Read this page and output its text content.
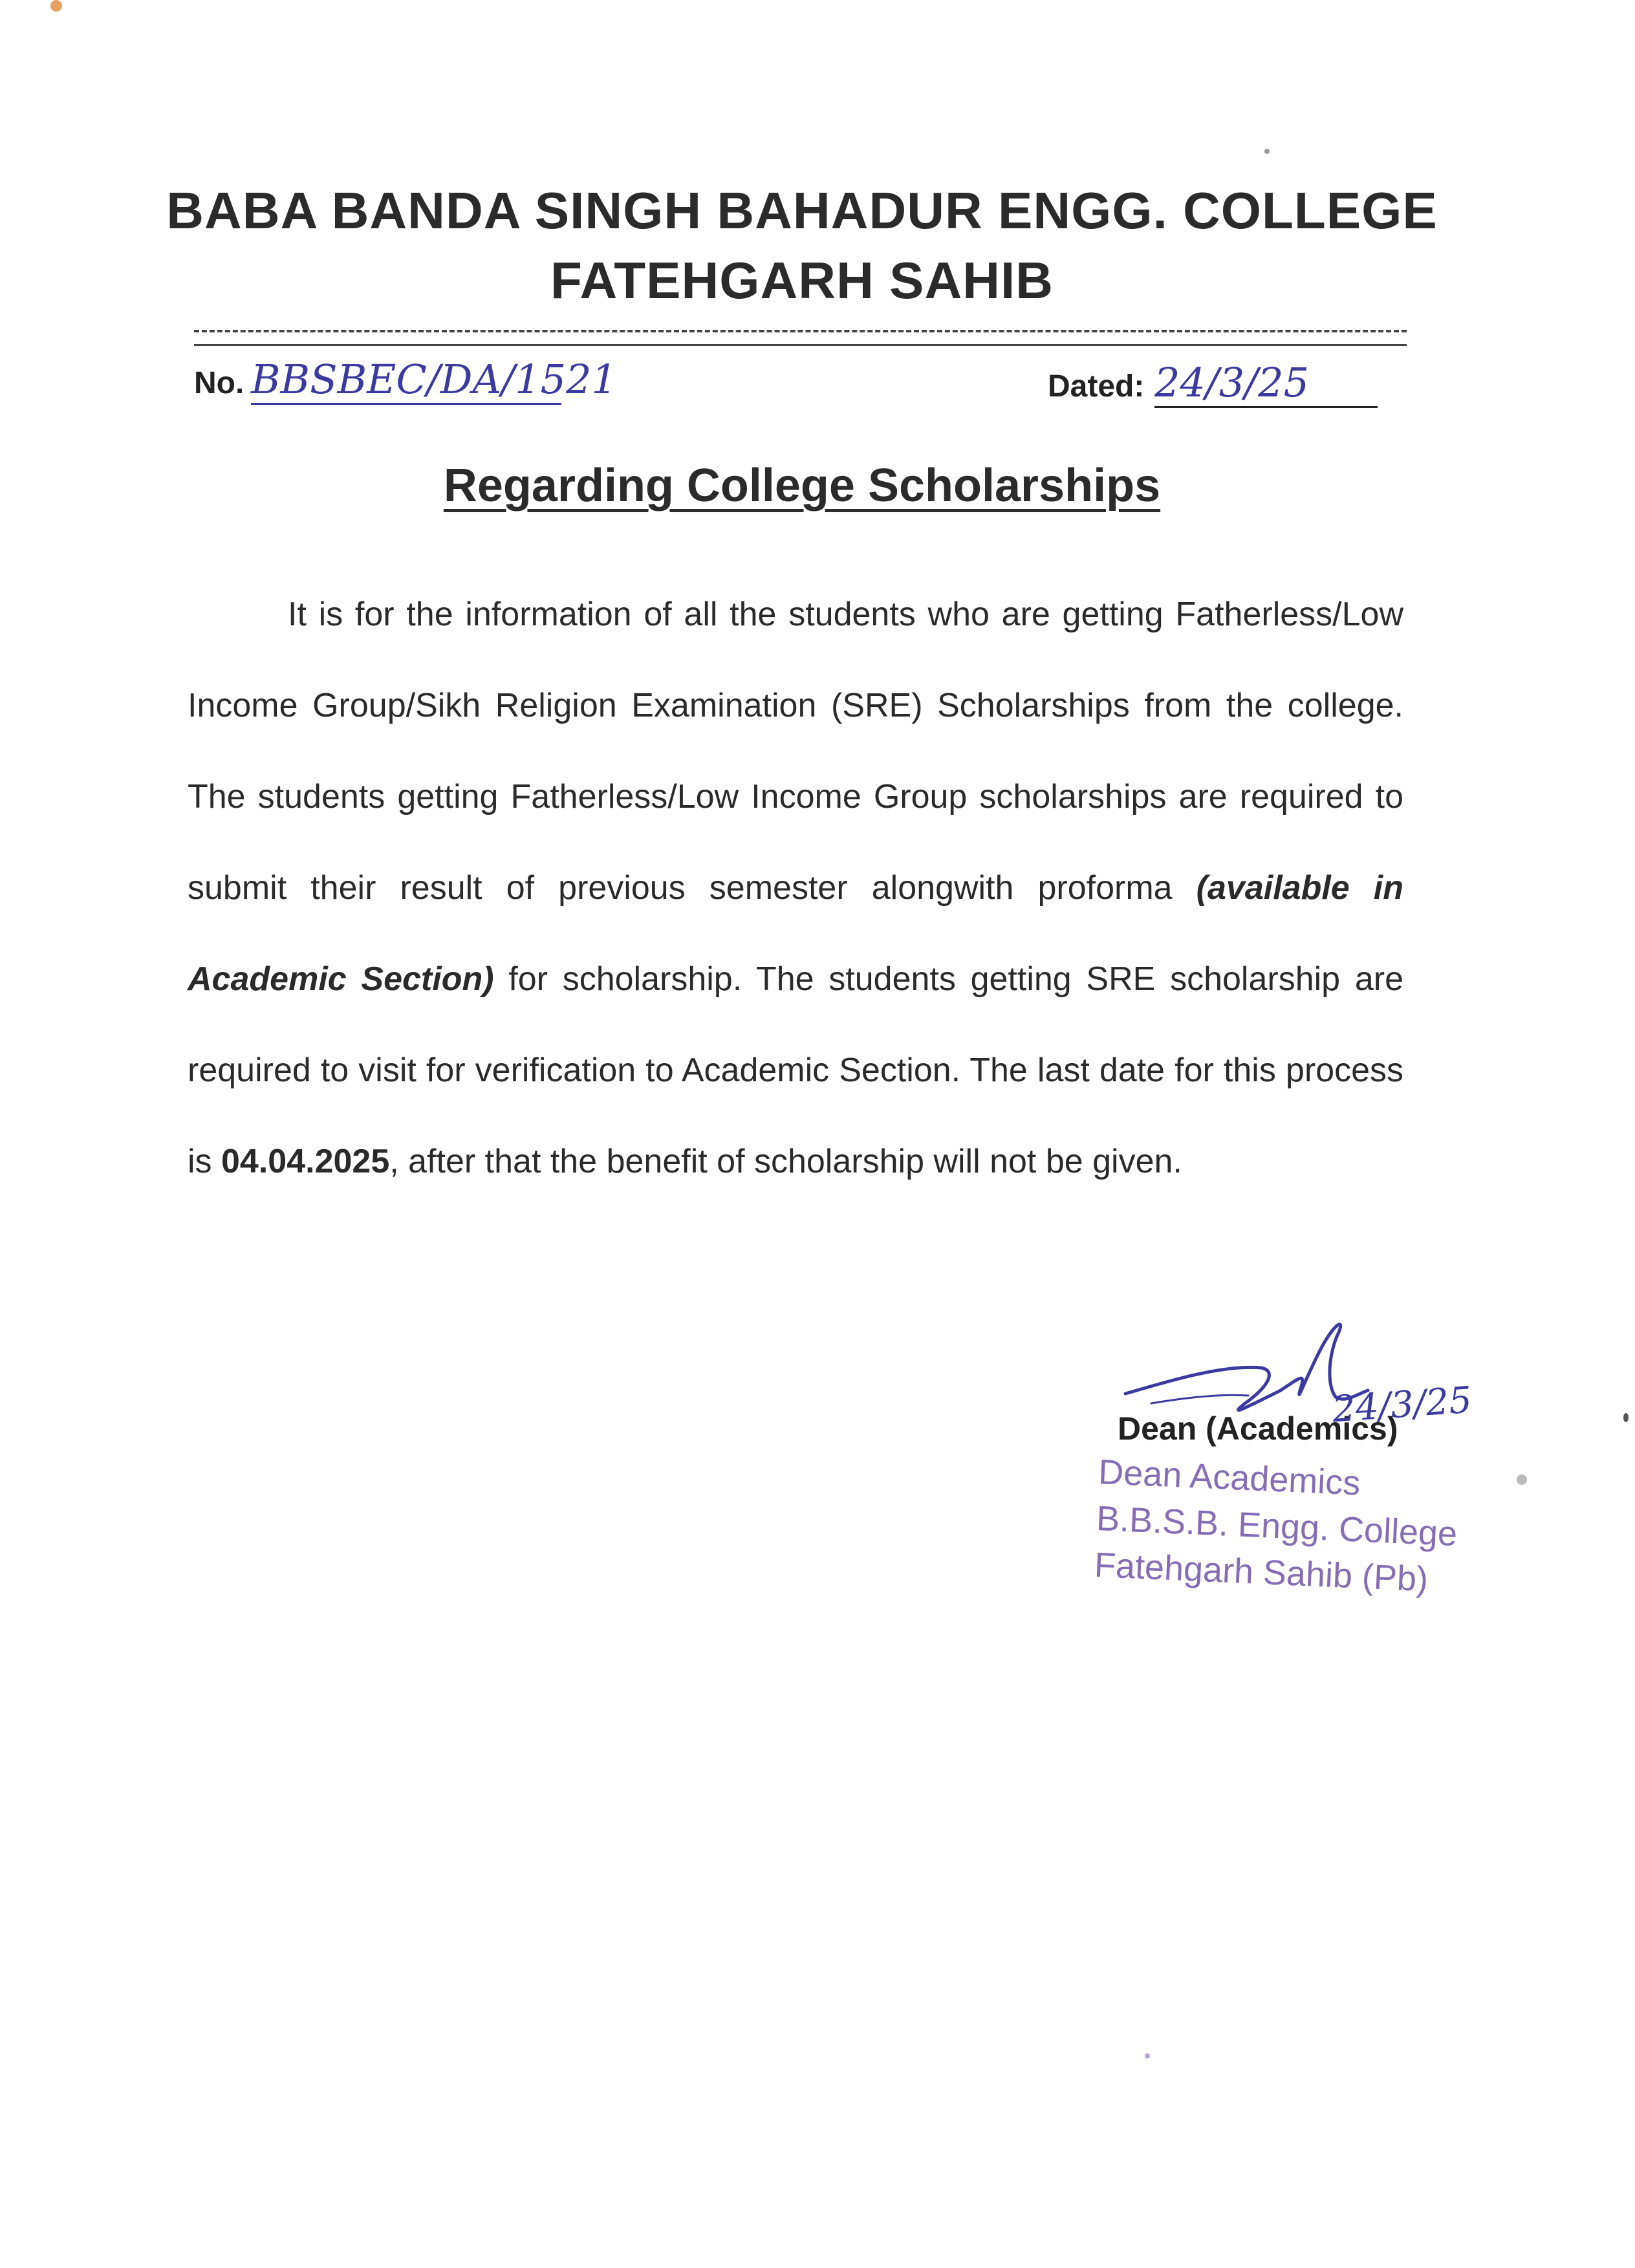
BABA BANDA SINGH BAHADUR ENGG. COLLEGE
FATEHGARH SAHIB
No. BBSBEC/DA/1521	Dated: 24/3/25
Regarding College Scholarships

It is for the information of all the students who are getting Fatherless/Low Income Group/Sikh Religion Examination (SRE) Scholarships from the college. The students getting Fatherless/Low Income Group scholarships are required to submit their result of previous semester alongwith proforma (available in Academic Section) for scholarship. The students getting SRE scholarship are required to visit for verification to Academic Section. The last date for this process is 04.04.2025, after that the benefit of scholarship will not be given.

Dean (Academics)
24/3/25
Dean Academics
B.B.S.B. Engg. College
Fatehgarh Sahib (Pb)
